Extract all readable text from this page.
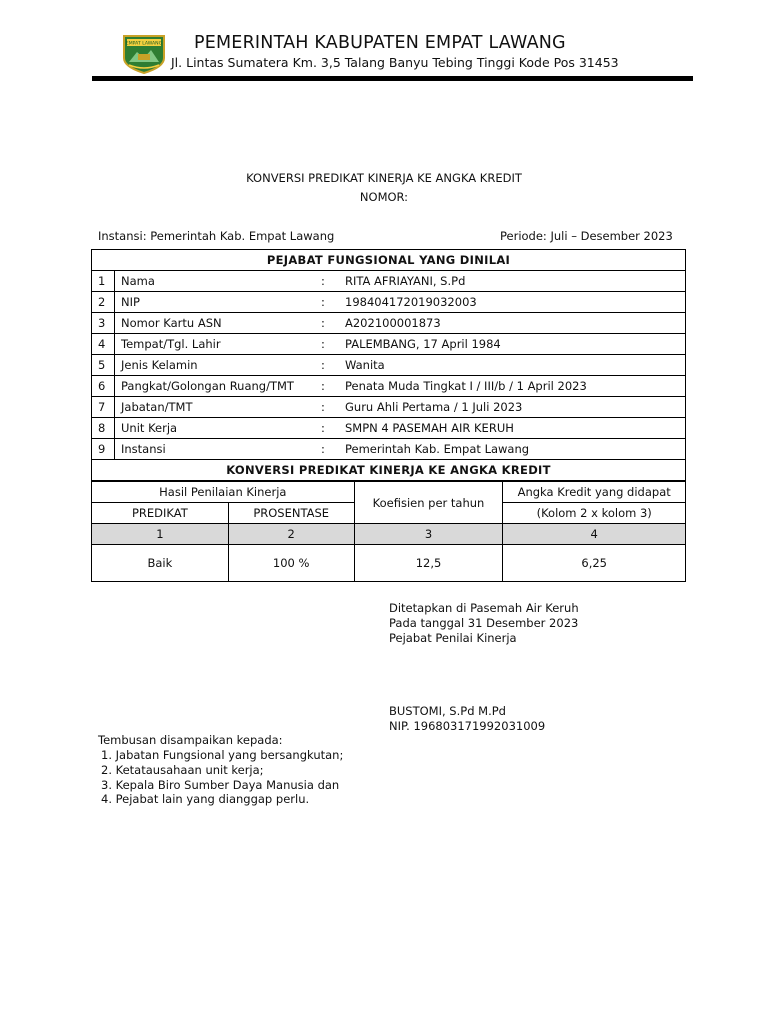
EMPAT LAWANG PEMERINTAH KABUPATEN EMPAT LAWANG
Jl. Lintas Sumatera Km. 3,5 Talang Banyu Tebing Tinggi Kode Pos 31453
KONVERSI PREDIKAT KINERJA KE ANGKA KREDIT
NOMOR:
Instansi: Pemerintah Kab. Empat Lawang	Periode: Juli – Desember 2023
PEJABAT FUNGSIONAL YANG DINILAI			
1	Nama	:	RITA AFRIAYANI, S.Pd
2	NIP	:	198404172019032003
3	Nomor Kartu ASN	:	A202100001873
4	Tempat/Tgl. Lahir	:	PALEMBANG, 17 April 1984
5	Jenis Kelamin	:	Wanita
6	Pangkat/Golongan Ruang/TMT	:	Penata Muda Tingkat I / III/b / 1 April 2023
7	Jabatan/TMT	:	Guru Ahli Pertama / 1 Juli 2023
8	Unit Kerja	:	SMPN 4 PASEMAH AIR KERUH
9	Instansi	:	Pemerintah Kab. Empat Lawang
KONVERSI PREDIKAT KINERJA KE ANGKA KREDIT			
Hasil Penilaian Kinerja		Koefisien per tahun	Angka Kredit yang didapat
PREDIKAT	PROSENTASE		(Kolom 2 x kolom 3)
1	2	3	4
Baik	100 %	12,5	6,25
Ditetapkan di Pasemah Air Keruh
Pada tanggal 31 Desember 2023
Pejabat Penilai Kinerja
BUSTOMI, S.Pd M.Pd
NIP. 196803171992031009
Tembusan disampaikan kepada:
1. Jabatan Fungsional yang bersangkutan;
2. Ketatausahaan unit kerja;
3. Kepala Biro Sumber Daya Manusia dan
4. Pejabat lain yang dianggap perlu.
